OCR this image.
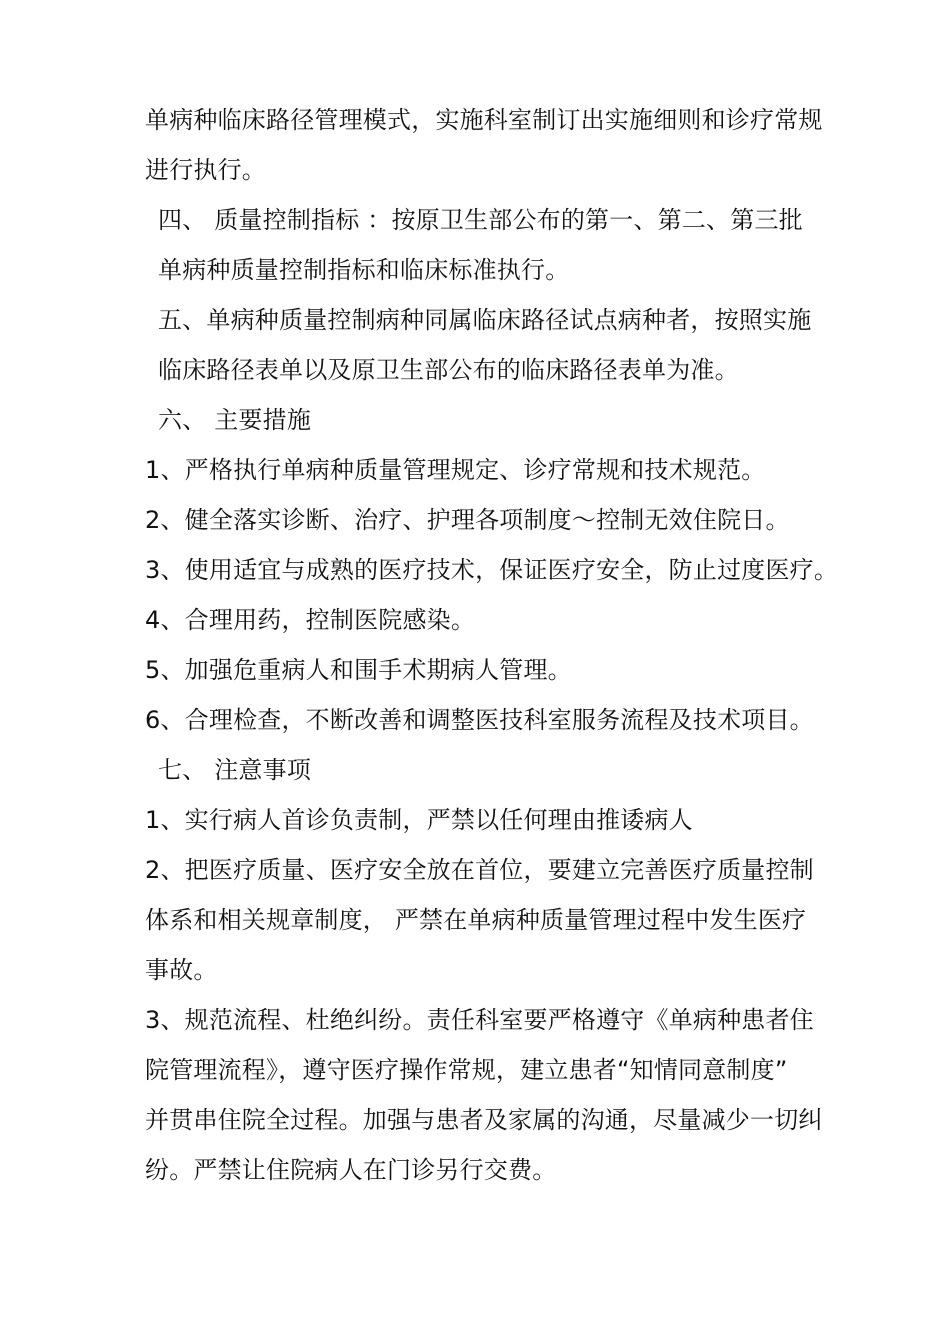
单病种临床路径管理模式，实施科室制订出实施细则和诊疗常规
进行执行。
四、 质量控制指标 ：按原卫生部公布的第一、第二、第三批
单病种质量控制指标和临床标准执行。
五、单病种质量控制病种同属临床路径试点病种者，按照实施
临床路径表单以及原卫生部公布的临床路径表单为准。
六、 主要措施
1、严格执行单病种质量管理规定、诊疗常规和技术规范。
2、健全落实诊断、治疗、护理各项制度～控制无效住院日。
3、使用适宜与成熟的医疗技术，保证医疗安全，防止过度医疗。
4、合理用药，控制医院感染。
5、加强危重病人和围手术期病人管理。
6、合理检查，不断改善和调整医技科室服务流程及技术项目。
七、 注意事项
1、实行病人首诊负责制，严禁以任何理由推诿病人
2、把医疗质量、医疗安全放在首位，要建立完善医疗质量控制
体系和相关规章制度， 严禁在单病种质量管理过程中发生医疗
事故。
3、规范流程、杜绝纠纷。责任科室要严格遵守《单病种患者住
院管理流程》，遵守医疗操作常规，建立患者“知情同意制度”
并贯串住院全过程。加强与患者及家属的沟通，尽量减少一切纠
纷。严禁让住院病人在门诊另行交费。
